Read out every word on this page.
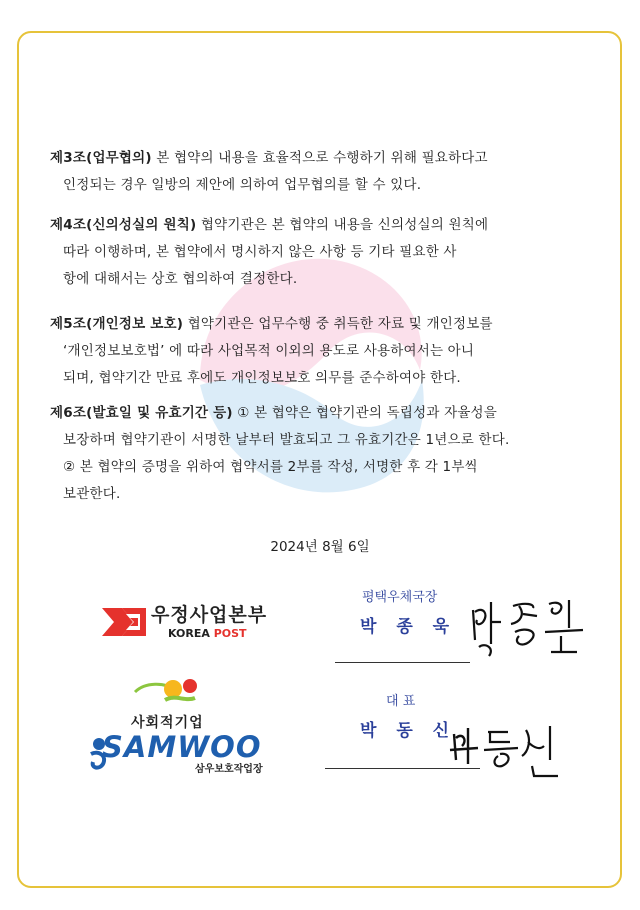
제3조(업무협의) 본 협약의 내용을 효율적으로 수행하기 위해 필요하다고
인정되는 경우 일방의 제안에 의하여 업무협의를 할 수 있다.
제4조(신의성실의 원칙) 협약기관은 본 협약의 내용을 신의성실의 원칙에
따라 이행하며, 본 협약에서 명시하지 않은 사항 등 기타 필요한 사
항에 대해서는 상호 협의하여 결정한다.
제5조(개인정보 보호) 협약기관은 업무수행 중 취득한 자료 및 개인정보를
‘개인정보보호법’ 에 따라 사업목적 이외의 용도로 사용하여서는 아니
되며, 협약기간 만료 후에도 개인정보보호 의무를 준수하여야 한다.
제6조(발효일 및 유효기간 등) ① 본 협약은 협약기관의 독립성과 자율성을
보장하며 협약기관이 서명한 날부터 발효되고 그 유효기간은 1년으로 한다.
② 본 협약의 증명을 위하여 협약서를 2부를 작성, 서명한 후 각 1부씩
보관한다.
2024년 8월 6일
우정사업본부
KOREA POST
사회적기업
SAMWOO
삼우보호작업장
평택우체국장
박 종 욱
대 표
박 동 신
